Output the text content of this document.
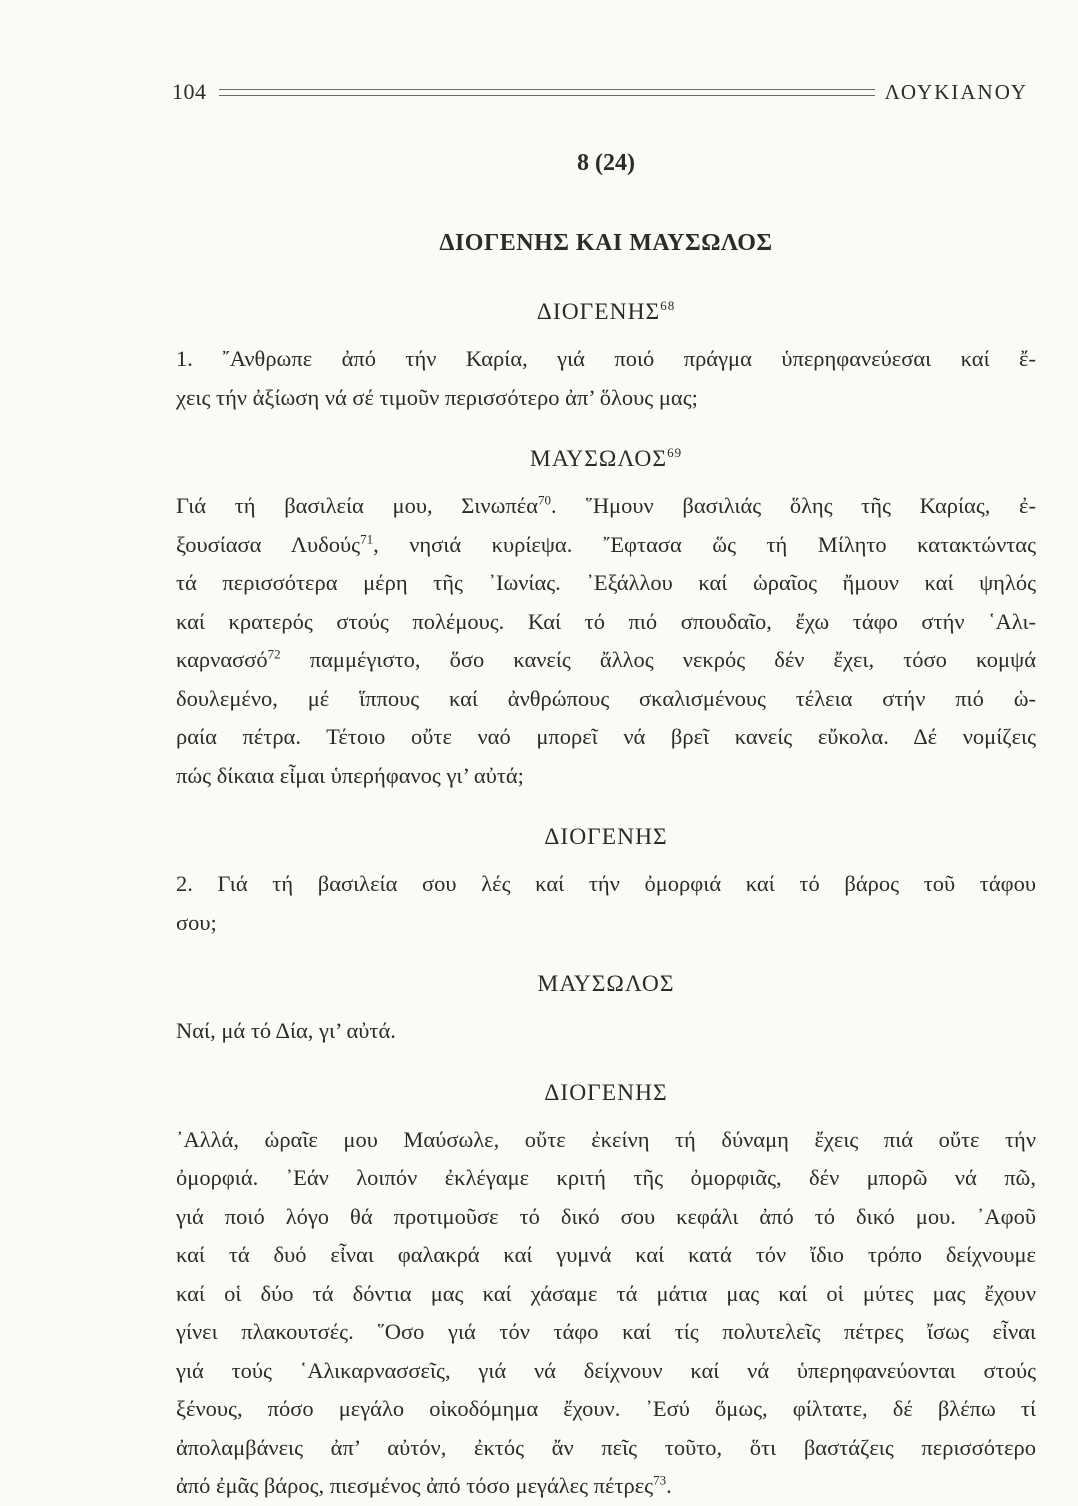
104	ΛΟΥΚΙΑΝΟΥ
8 (24)
ΔΙΟΓΕΝΗΣ ΚΑΙ ΜΑΥΣΩΛΟΣ
ΔΙΟΓΕΝΗΣ$^{68}$

1. ῎Ανθρωπε ἀπό τήν Καρία, γιά ποιό πράγμα ὑπερηφανεύεσαι καί ἔ-
χεις τήν ἀξίωση νά σέ τιμοῦν περισσότερο ἀπ’ ὅλους μας;

ΜΑΥΣΩΛΟΣ$^{69}$

Γιά τή βασιλεία μου, Σινωπέα$^{70}$. ῞Ημουν βασιλιάς ὅλης τῆς Καρίας, ἐ-
ξουσίασα Λυδούς$^{71}$, νησιά κυρίεψα. ῎Εφτασα ὥς τή Μίλητο κατακτώντας
τά περισσότερα μέρη τῆς ᾽Ιωνίας. ᾽Εξάλλου καί ὡραῖος ἤμουν καί ψηλός
καί κρατερός στούς πολέμους. Καί τό πιό σπουδαῖο, ἔχω τάφο στήν ῾Αλι-
καρνασσό$^{72}$ παμμέγιστο, ὅσο κανείς ἄλλος νεκρός δέν ἔχει, τόσο κομψά
δουλεμένο, μέ ἵππους καί ἀνθρώπους σκαλισμένους τέλεια στήν πιό ὡ-
ραία πέτρα. Τέτοιο οὔτε ναό μπορεῖ νά βρεῖ κανείς εὔκολα. Δέ νομίζεις
πώς δίκαια εἶμαι ὑπερήφανος γι’ αὐτά;

ΔΙΟΓΕΝΗΣ

2. Γιά τή βασιλεία σου λές καί τήν ὀμορφιά καί τό βάρος τοῦ τάφου
σου;

ΜΑΥΣΩΛΟΣ

Ναί, μά τό Δία, γι’ αὐτά.

ΔΙΟΓΕΝΗΣ

᾽Αλλά, ὡραῖε μου Μαύσωλε, οὔτε ἐκείνη τή δύναμη ἔχεις πιά οὔτε τήν
ὀμορφιά. ᾽Εάν λοιπόν ἐκλέγαμε κριτή τῆς ὀμορφιᾶς, δέν μπορῶ νά πῶ,
γιά ποιό λόγο θά προτιμοῦσε τό δικό σου κεφάλι ἀπό τό δικό μου. ᾽Αφοῦ
καί τά δυό εἶναι φαλακρά καί γυμνά καί κατά τόν ἴδιο τρόπο δείχνουμε
καί οἱ δύο τά δόντια μας καί χάσαμε τά μάτια μας καί οἱ μύτες μας ἔχουν
γίνει πλακουτσές. ῞Οσο γιά τόν τάφο καί τίς πολυτελεῖς πέτρες ἴσως εἶναι
γιά τούς ῾Αλικαρνασσεῖς, γιά νά δείχνουν καί νά ὑπερηφανεύονται στούς
ξένους, πόσο μεγάλο οἰκοδόμημα ἔχουν. ᾽Εσύ ὅμως, φίλτατε, δέ βλέπω τί
ἀπολαμβάνεις ἀπ’ αὐτόν, ἐκτός ἄν πεῖς τοῦτο, ὅτι βαστάζεις περισσότερο
ἀπό ἐμᾶς βάρος, πιεσμένος ἀπό τόσο μεγάλες πέτρες$^{73}$.
